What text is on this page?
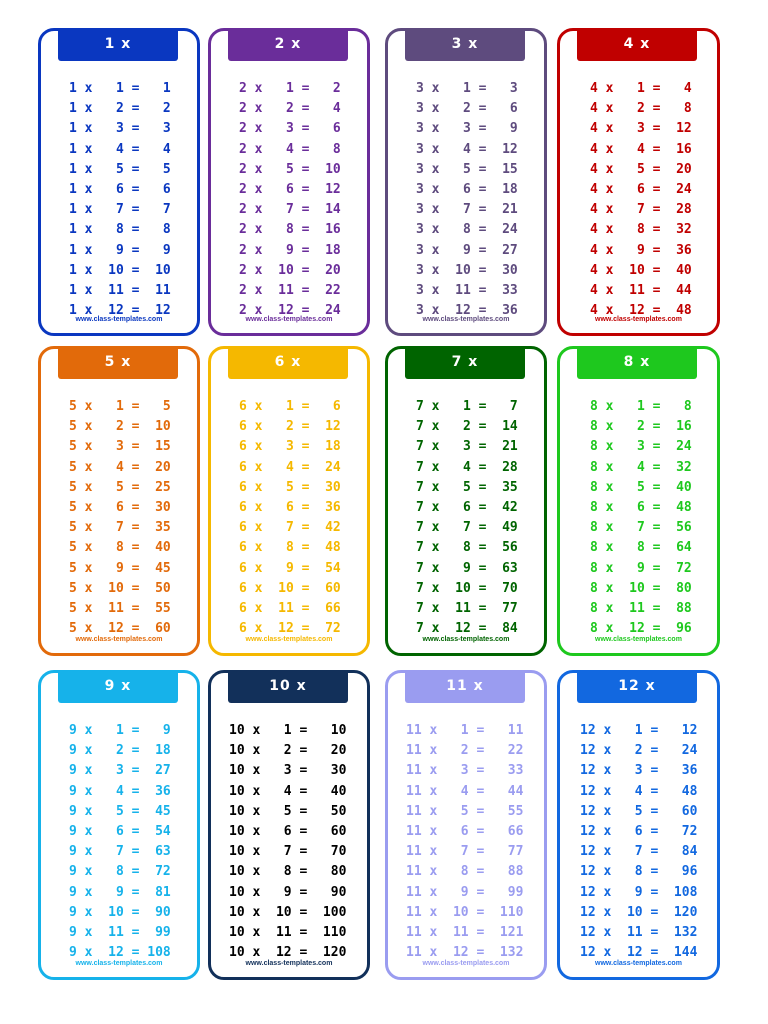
1 x
1 x   1 =   1
1 x   2 =   2
1 x   3 =   3
1 x   4 =   4
1 x   5 =   5
1 x   6 =   6
1 x   7 =   7
1 x   8 =   8
1 x   9 =   9
1 x  10 =  10
1 x  11 =  11
1 x  12 =  12
www.class-templates.com
2 x
2 x   1 =   2
2 x   2 =   4
2 x   3 =   6
2 x   4 =   8
2 x   5 =  10
2 x   6 =  12
2 x   7 =  14
2 x   8 =  16
2 x   9 =  18
2 x  10 =  20
2 x  11 =  22
2 x  12 =  24
www.class-templates.com
3 x
3 x   1 =   3
3 x   2 =   6
3 x   3 =   9
3 x   4 =  12
3 x   5 =  15
3 x   6 =  18
3 x   7 =  21
3 x   8 =  24
3 x   9 =  27
3 x  10 =  30
3 x  11 =  33
3 x  12 =  36
www.class-templates.com
4 x
4 x   1 =   4
4 x   2 =   8
4 x   3 =  12
4 x   4 =  16
4 x   5 =  20
4 x   6 =  24
4 x   7 =  28
4 x   8 =  32
4 x   9 =  36
4 x  10 =  40
4 x  11 =  44
4 x  12 =  48
www.class-templates.com
5 x
5 x   1 =   5
5 x   2 =  10
5 x   3 =  15
5 x   4 =  20
5 x   5 =  25
5 x   6 =  30
5 x   7 =  35
5 x   8 =  40
5 x   9 =  45
5 x  10 =  50
5 x  11 =  55
5 x  12 =  60
www.class-templates.com
6 x
6 x   1 =   6
6 x   2 =  12
6 x   3 =  18
6 x   4 =  24
6 x   5 =  30
6 x   6 =  36
6 x   7 =  42
6 x   8 =  48
6 x   9 =  54
6 x  10 =  60
6 x  11 =  66
6 x  12 =  72
www.class-templates.com
7 x
7 x   1 =   7
7 x   2 =  14
7 x   3 =  21
7 x   4 =  28
7 x   5 =  35
7 x   6 =  42
7 x   7 =  49
7 x   8 =  56
7 x   9 =  63
7 x  10 =  70
7 x  11 =  77
7 x  12 =  84
www.class-templates.com
8 x
8 x   1 =   8
8 x   2 =  16
8 x   3 =  24
8 x   4 =  32
8 x   5 =  40
8 x   6 =  48
8 x   7 =  56
8 x   8 =  64
8 x   9 =  72
8 x  10 =  80
8 x  11 =  88
8 x  12 =  96
www.class-templates.com
9 x
9 x   1 =   9
9 x   2 =  18
9 x   3 =  27
9 x   4 =  36
9 x   5 =  45
9 x   6 =  54
9 x   7 =  63
9 x   8 =  72
9 x   9 =  81
9 x  10 =  90
9 x  11 =  99
9 x  12 = 108
www.class-templates.com
10 x
10 x   1 =   10
10 x   2 =   20
10 x   3 =   30
10 x   4 =   40
10 x   5 =   50
10 x   6 =   60
10 x   7 =   70
10 x   8 =   80
10 x   9 =   90
10 x  10 =  100
10 x  11 =  110
10 x  12 =  120
www.class-templates.com
11 x
11 x   1 =   11
11 x   2 =   22
11 x   3 =   33
11 x   4 =   44
11 x   5 =   55
11 x   6 =   66
11 x   7 =   77
11 x   8 =   88
11 x   9 =   99
11 x  10 =  110
11 x  11 =  121
11 x  12 =  132
www.class-templates.com
12 x
12 x   1 =   12
12 x   2 =   24
12 x   3 =   36
12 x   4 =   48
12 x   5 =   60
12 x   6 =   72
12 x   7 =   84
12 x   8 =   96
12 x   9 =  108
12 x  10 =  120
12 x  11 =  132
12 x  12 =  144
www.class-templates.com
